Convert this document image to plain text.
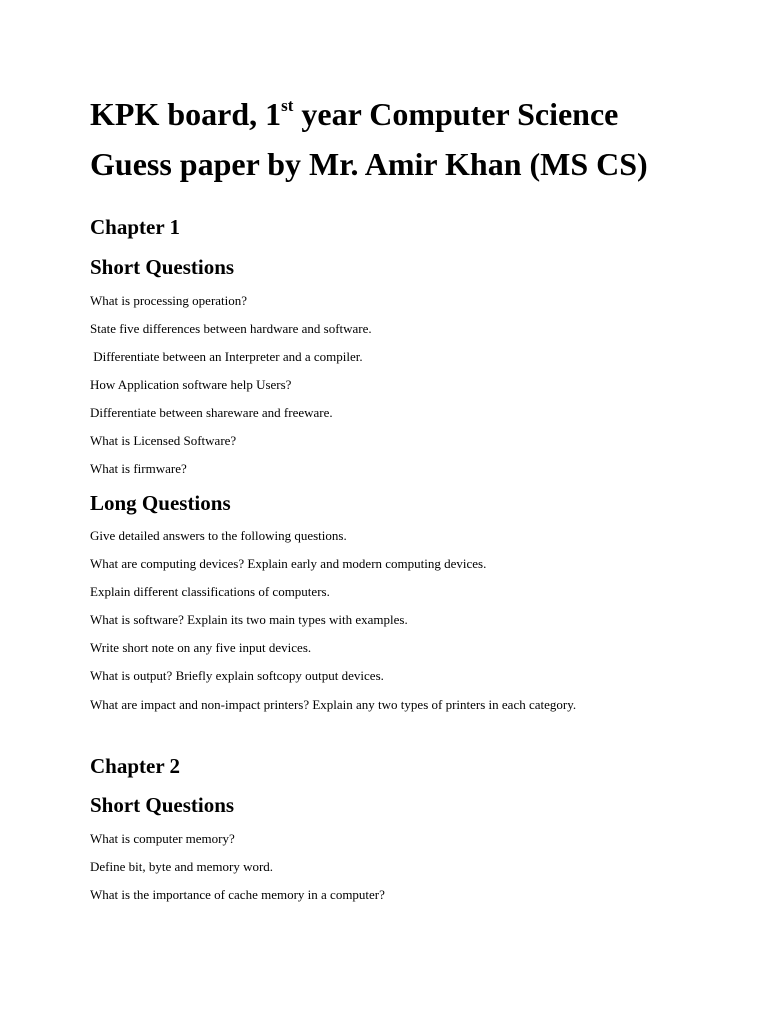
KPK board, 1st year Computer Science
Guess paper by Mr. Amir Khan (MS CS)
Chapter 1
Short Questions
What is processing operation?
State five differences between hardware and software.
Differentiate between an Interpreter and a compiler.
How Application software help Users?
Differentiate between shareware and freeware.
What is Licensed Software?
What is firmware?
Long Questions
Give detailed answers to the following questions.
What are computing devices? Explain early and modern computing devices.
Explain different classifications of computers.
What is software? Explain its two main types with examples.
Write short note on any five input devices.
What is output? Briefly explain softcopy output devices.
What are impact and non-impact printers? Explain any two types of printers in each category.
Chapter 2
Short Questions
What is computer memory?
Define bit, byte and memory word.
What is the importance of cache memory in a computer?
